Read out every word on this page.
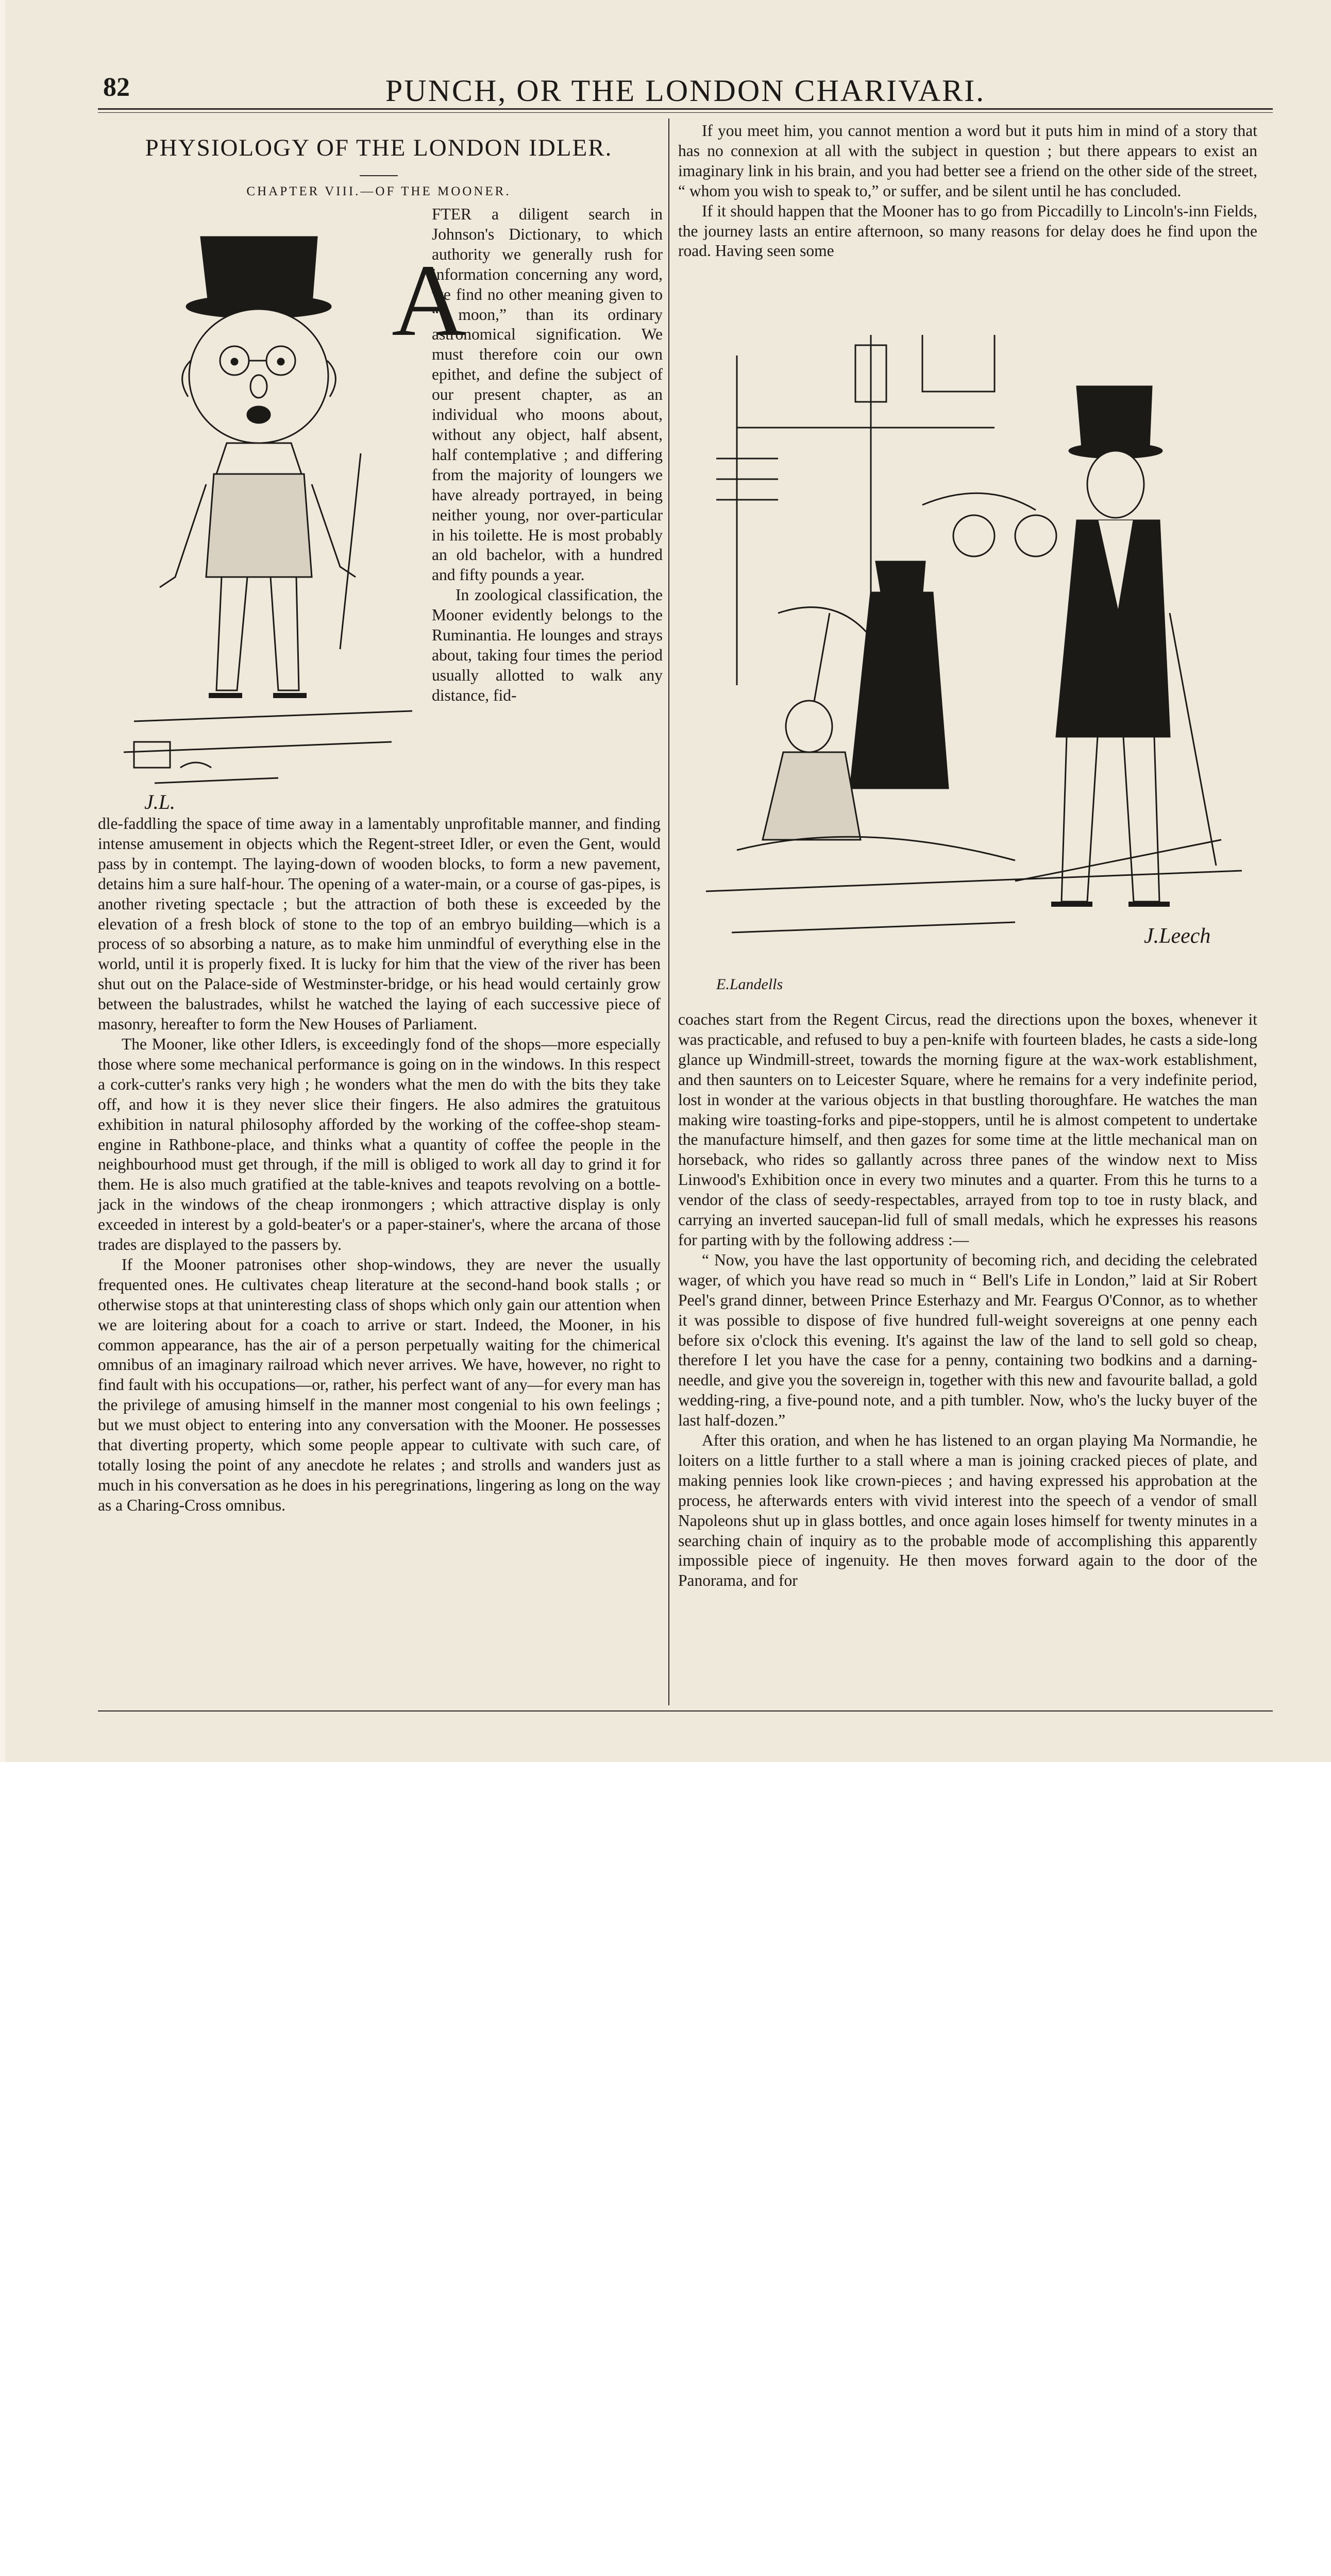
82	PUNCH, OR THE LONDON CHARIVARI.
PHYSIOLOGY OF THE LONDON IDLER.
CHAPTER VIII.—OF THE MOONER.
A
J.L.

FTER a diligent search in Johnson's Dictionary, to which authority we generally rush for information concerning any word, we find no other meaning given to “ moon,” than its ordinary astronomical signification. We must therefore coin our own epithet, and define the subject of our present chapter, as an individual who moons about, without any object, half absent, half contemplative ; and differing from the majority of loungers we have already portrayed, in being neither young, nor over-particular in his toilette. He is most probably an old bachelor, with a hundred and fifty pounds a year.

In zoological classification, the Mooner evidently belongs to the Ruminantia. He lounges and strays about, taking four times the period usually allotted to walk any distance, fid-

dle-faddling the space of time away in a lamentably unprofitable manner, and finding intense amusement in objects which the Regent-street Idler, or even the Gent, would pass by in contempt. The laying-down of wooden blocks, to form a new pavement, detains him a sure half-hour. The opening of a water-main, or a course of gas-pipes, is another riveting spectacle ; but the attraction of both these is exceeded by the elevation of a fresh block of stone to the top of an embryo building—which is a process of so absorbing a nature, as to make him unmindful of everything else in the world, until it is properly fixed. It is lucky for him that the view of the river has been shut out on the Palace-side of Westminster-bridge, or his head would certainly grow between the balustrades, whilst he watched the laying of each successive piece of masonry, hereafter to form the New Houses of Parliament.

The Mooner, like other Idlers, is exceedingly fond of the shops—more especially those where some mechanical performance is going on in the windows. In this respect a cork-cutter's ranks very high ; he wonders what the men do with the bits they take off, and how it is they never slice their fingers. He also admires the gratuitous exhibition in natural philosophy afforded by the working of the coffee-shop steam-engine in Rathbone-place, and thinks what a quantity of coffee the people in the neighbourhood must get through, if the mill is obliged to work all day to grind it for them. He is also much gratified at the table-knives and teapots revolving on a bottle-jack in the windows of the cheap ironmongers ; which attractive display is only exceeded in interest by a gold-beater's or a paper-stainer's, where the arcana of those trades are displayed to the passers by.

If the Mooner patronises other shop-windows, they are never the usually frequented ones. He cultivates cheap literature at the second-hand book stalls ; or otherwise stops at that uninteresting class of shops which only gain our attention when we are loitering about for a coach to arrive or start. Indeed, the Mooner, in his common appearance, has the air of a person perpetually waiting for the chimerical omnibus of an imaginary railroad which never arrives. We have, however, no right to find fault with his occupations—or, rather, his perfect want of any—for every man has the privilege of amusing himself in the manner most congenial to his own feelings ; but we must object to entering into any conversation with the Mooner. He possesses that diverting property, which some people appear to cultivate with such care, of totally losing the point of any anecdote he relates ; and strolls and wanders just as much in his conversation as he does in his peregrinations, lingering as long on the way as a Charing-Cross omnibus.

If you meet him, you cannot mention a word but it puts him in mind of a story that has no connexion at all with the subject in question ; but there appears to exist an imaginary link in his brain, and you had better see a friend on the other side of the street, “ whom you wish to speak to,” or suffer, and be silent until he has concluded.

If it should happen that the Mooner has to go from Piccadilly to Lincoln's-inn Fields, the journey lasts an entire afternoon, so many reasons for delay does he find upon the road. Having seen some

J.Leech
E.Landells

coaches start from the Regent Circus, read the directions upon the boxes, whenever it was practicable, and refused to buy a pen-knife with fourteen blades, he casts a side-long glance up Windmill-street, towards the morning figure at the wax-work establishment, and then saunters on to Leicester Square, where he remains for a very indefinite period, lost in wonder at the various objects in that bustling thoroughfare. He watches the man making wire toasting-forks and pipe-stoppers, until he is almost competent to undertake the manufacture himself, and then gazes for some time at the little mechanical man on horseback, who rides so gallantly across three panes of the window next to Miss Linwood's Exhibition once in every two minutes and a quarter. From this he turns to a vendor of the class of seedy-respectables, arrayed from top to toe in rusty black, and carrying an inverted saucepan-lid full of small medals, which he expresses his reasons for parting with by the following address :—

“ Now, you have the last opportunity of becoming rich, and deciding the celebrated wager, of which you have read so much in “ Bell's Life in London,” laid at Sir Robert Peel's grand dinner, between Prince Esterhazy and Mr. Feargus O'Connor, as to whether it was possible to dispose of five hundred full-weight sovereigns at one penny each before six o'clock this evening. It's against the law of the land to sell gold so cheap, therefore I let you have the case for a penny, containing two bodkins and a darning-needle, and give you the sovereign in, together with this new and favourite ballad, a gold wedding-ring, a five-pound note, and a pith tumbler. Now, who's the lucky buyer of the last half-dozen.”

After this oration, and when he has listened to an organ playing Ma Normandie, he loiters on a little further to a stall where a man is joining cracked pieces of plate, and making pennies look like crown-pieces ; and having expressed his approbation at the process, he afterwards enters with vivid interest into the speech of a vendor of small Napoleons shut up in glass bottles, and once again loses himself for twenty minutes in a searching chain of inquiry as to the probable mode of accomplishing this apparently impossible piece of ingenuity. He then moves forward again to the door of the Panorama, and for
